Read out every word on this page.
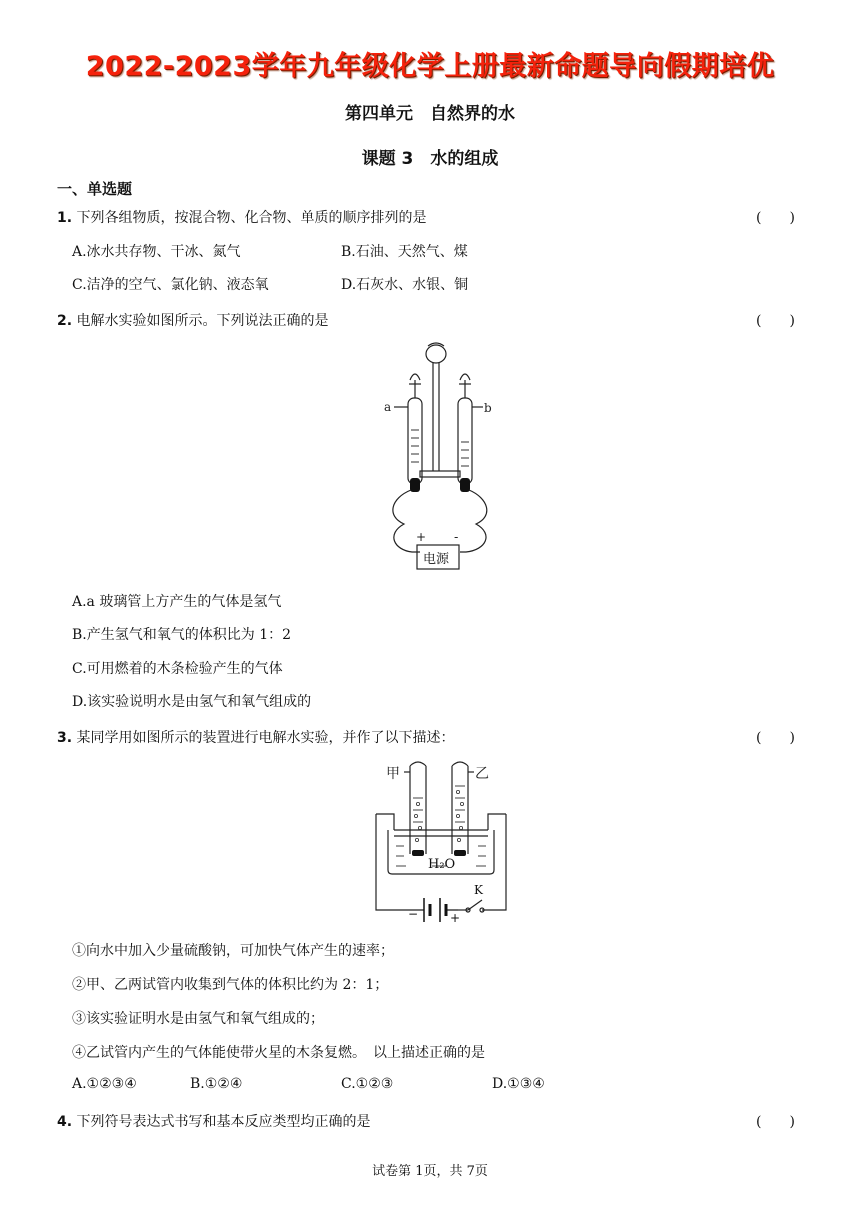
2022-2023学年九年级化学上册最新命题导向假期培优
第四单元　自然界的水
课题 3　水的组成
一、单选题
1. 下列各组物质，按混合物、化合物、单质的顺序排列的是	(　　)
A.冰水共存物、干冰、氮气	B.石油、天然气、煤
C.洁净的空气、氯化钠、液态氧	D.石灰水、水银、铜
2. 电解水实验如图所示。下列说法正确的是	(　　)
a	b
+ -
电源
A.a 玻璃管上方产生的气体是氢气
B.产生氢气和氧气的体积比为 1：2
C.可用燃着的木条检验产生的气体
D.该实验说明水是由氢气和氧气组成的
3. 某同学用如图所示的装置进行电解水实验，并作了以下描述：	(　　)
甲	乙
H₂O
K
−	+
①向水中加入少量硫酸钠，可加快气体产生的速率；
②甲、乙两试管内收集到气体的体积比约为 2：1；
③该实验证明水是由氢气和氧气组成的；
④乙试管内产生的气体能使带火星的木条复燃。　以上描述正确的是
A.①②③④	B.①②④	C.①②③	D.①③④
4. 下列符号表达式书写和基本反应类型均正确的是	(　　)
试卷第 1页，共 7页
